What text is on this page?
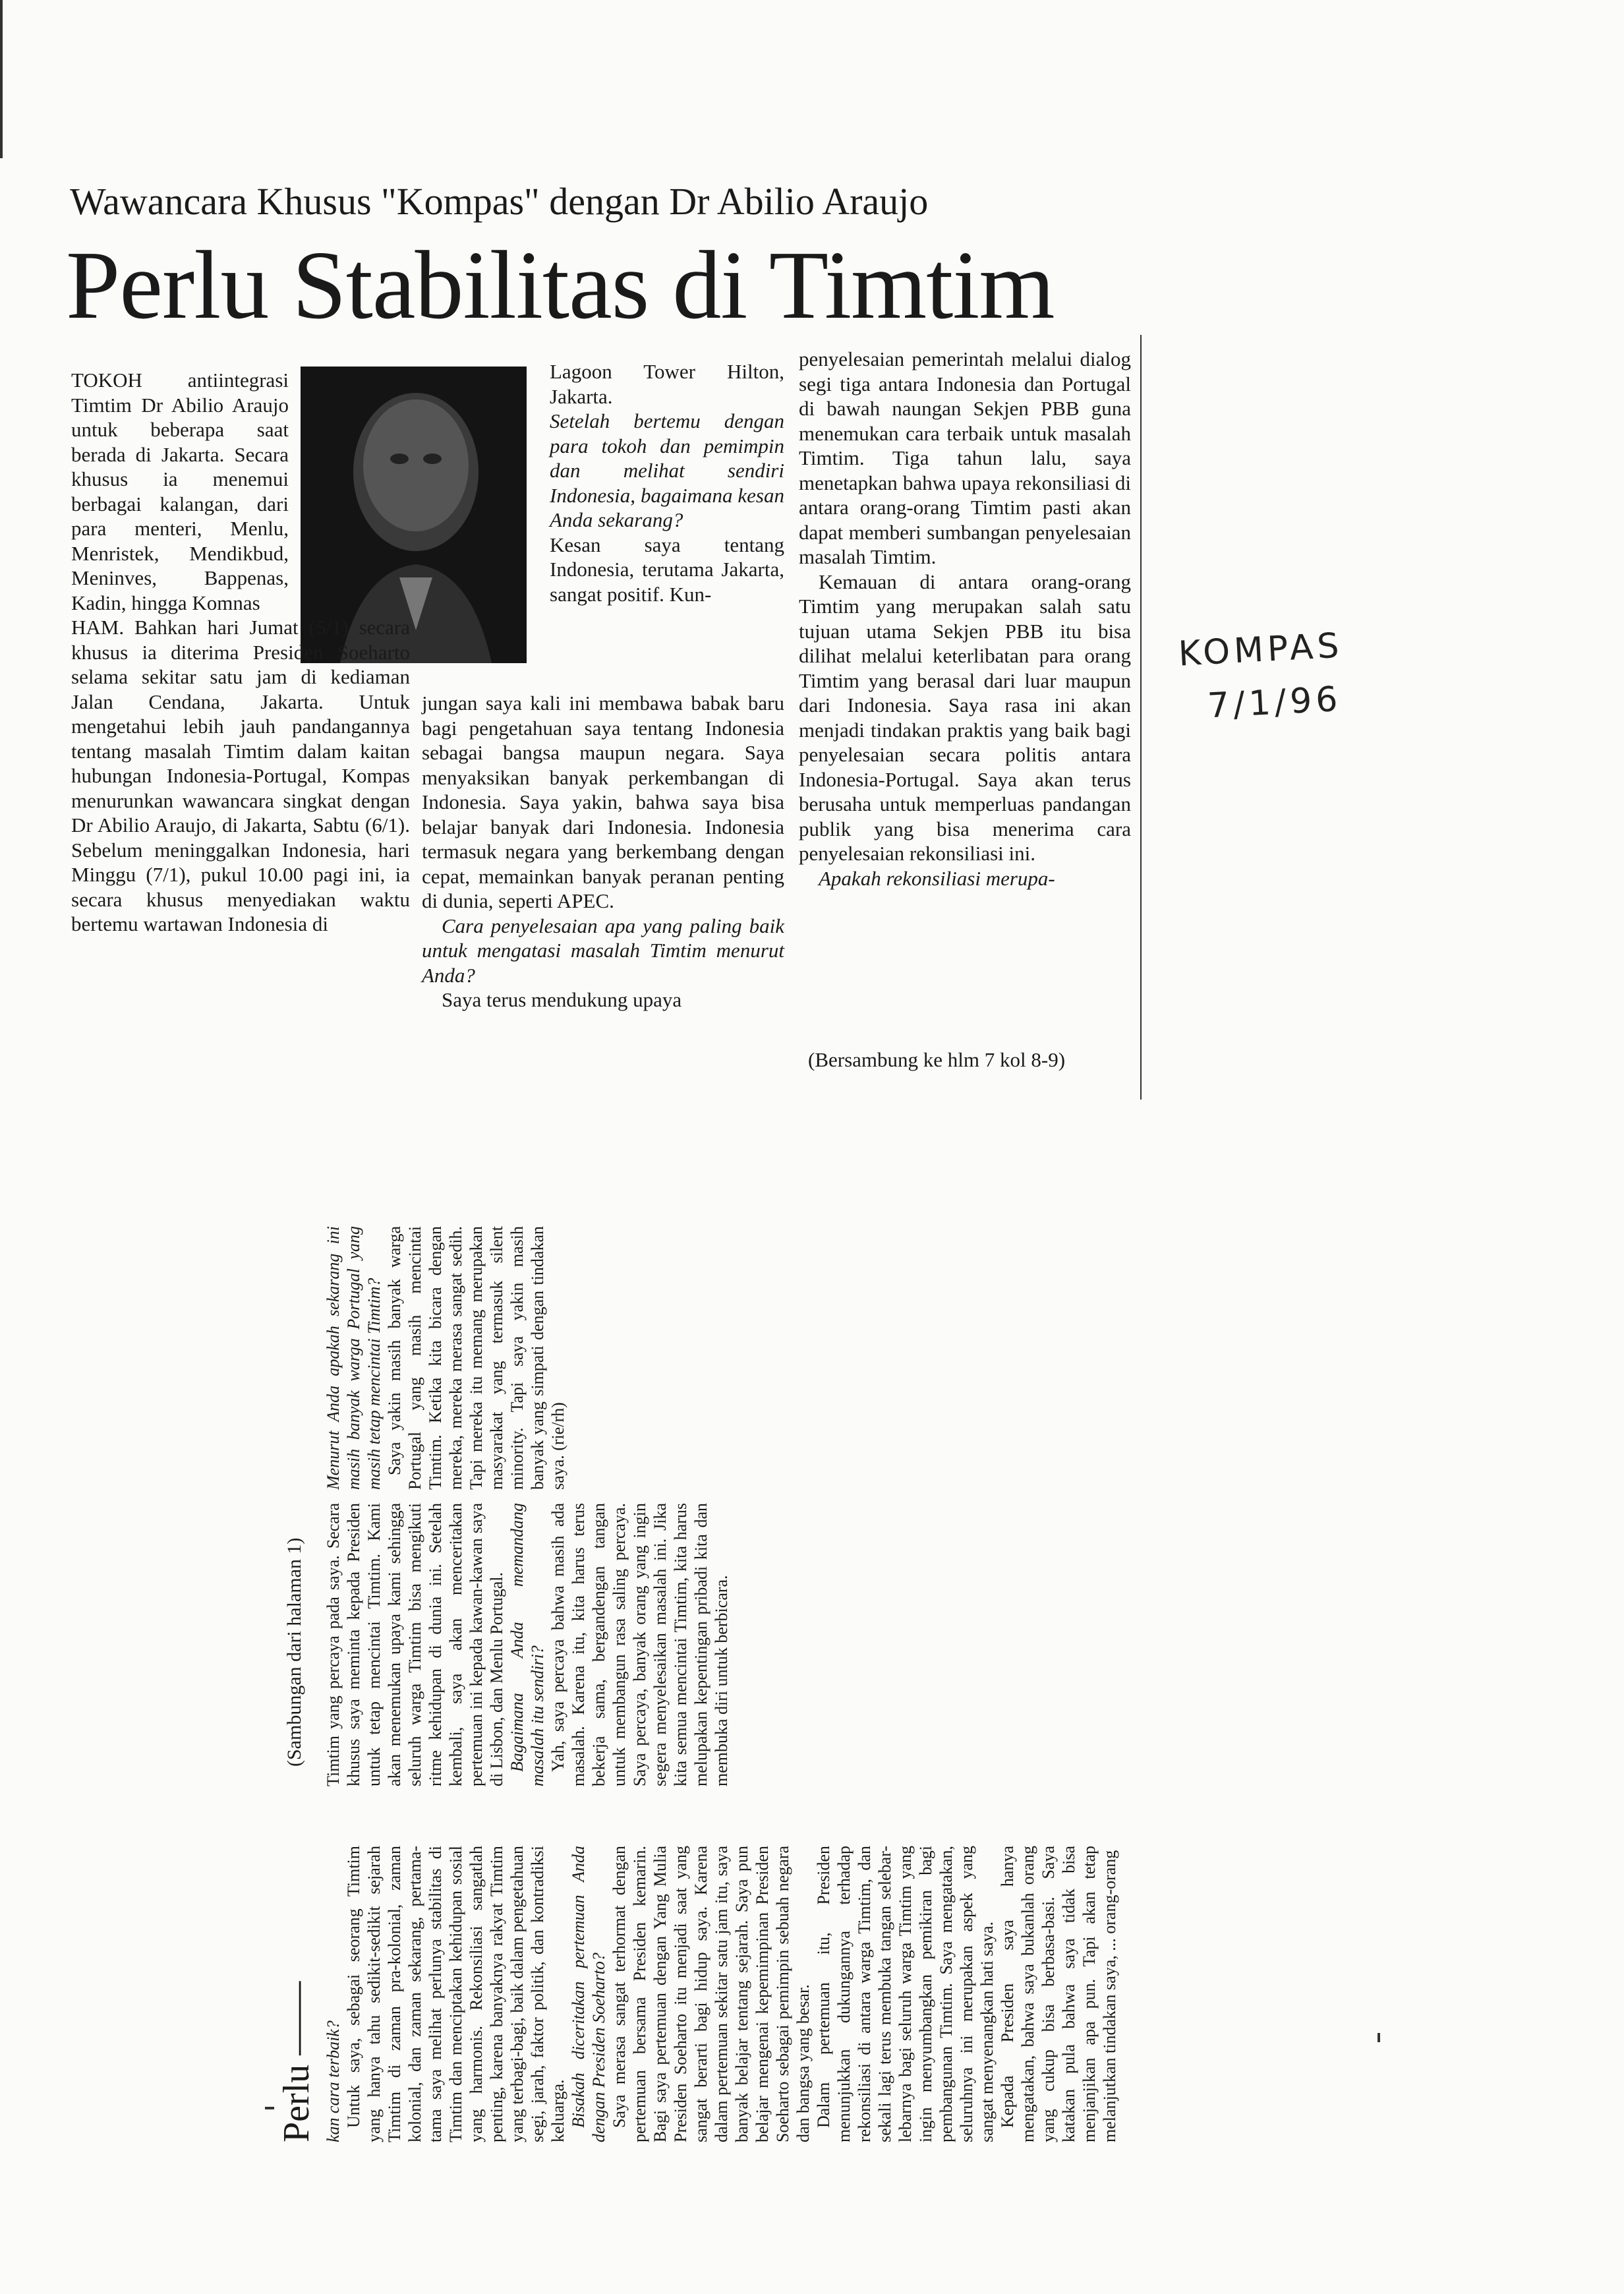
Wawancara Khusus "Kompas" dengan Dr Abilio Araujo
Perlu Stabilitas di Timtim

TOKOH antiintegrasi Timtim Dr Abilio Araujo untuk beberapa saat berada di Jakarta. Secara khusus ia menemui berbagai kalangan, dari para menteri, Menlu, Menristek, Mendikbud, Meninves, Bappenas, Kadin, hingga Komnas

HAM. Bahkan hari Jumat (5/1) secara khusus ia diterima Presiden Soeharto selama sekitar satu jam di kediaman Jalan Cendana, Jakarta. Untuk mengetahui lebih jauh pandangannya tentang masalah Timtim dalam kaitan hubungan Indonesia-Portugal, Kompas menurunkan wawancara singkat dengan Dr Abilio Araujo, di Jakarta, Sabtu (6/1). Sebelum meninggalkan Indonesia, hari Minggu (7/1), pukul 10.00 pagi ini, ia secara khusus menyediakan waktu bertemu wartawan Indonesia di

Lagoon Tower Hilton, Jakarta.

Setelah bertemu dengan para tokoh dan pemimpin dan melihat sendiri Indonesia, bagaimana kesan Anda sekarang?

Kesan saya tentang Indonesia, terutama Jakarta, sangat positif. Kun-

jungan saya kali ini membawa babak baru bagi pengetahuan saya tentang Indonesia sebagai bangsa maupun negara. Saya menyaksikan banyak perkembangan di Indonesia. Saya yakin, bahwa saya bisa belajar banyak dari Indonesia. Indonesia termasuk negara yang berkembang dengan cepat, memainkan banyak peranan penting di dunia, seperti APEC.

Cara penyelesaian apa yang paling baik untuk mengatasi masalah Timtim menurut Anda?

Saya terus mendukung upaya

penyelesaian pemerintah melalui dialog segi tiga antara Indonesia dan Portugal di bawah naungan Sekjen PBB guna menemukan cara terbaik untuk masalah Timtim. Tiga tahun lalu, saya menetapkan bahwa upaya rekonsiliasi di antara orang-orang Timtim pasti akan dapat memberi sumbangan penyelesaian masalah Timtim.

Kemauan di antara orang-orang Timtim yang merupakan salah satu tujuan utama Sekjen PBB itu bisa dilihat melalui keterlibatan para orang Timtim yang berasal dari luar maupun dari Indonesia. Saya rasa ini akan menjadi tindakan praktis yang baik bagi penyelesaian secara politis antara Indonesia-Portugal. Saya akan terus berusaha untuk memperluas pandangan publik yang bisa menerima cara penyelesaian rekonsiliasi ini.

Apakah rekonsiliasi merupa-

(Bersambung ke hlm 7 kol 8-9)
KOMPAS
7/1/96
Perlu ——
(Sambungan dari halaman 1)

kan cara terbaik? Untuk saya, sebagai seorang Timtim yang hanya tahu sedikit-sedikit sejarah Timtim di zaman pra-kolonial, zaman kolonial, dan zaman sekarang, pertama-tama saya melihat perlunya stabilitas di Timtim dan menciptakan kehidupan sosial yang harmonis. Rekonsiliasi sangatlah penting, karena banyaknya rakyat Timtim yang terbagi-bagi, baik dalam pengetahuan segi, jarah, faktor politik, dan kontradiksi keluarga. Bisakah diceritakan pertemuan Anda dengan Presiden Soeharto? Saya merasa sangat terhormat dengan pertemuan bersama Presiden kemarin. Bagi saya pertemuan dengan Yang Mulia Presiden Soeharto itu menjadi saat yang sangat berarti bagi hidup saya. Karena dalam pertemuan sekitar satu jam itu, saya banyak belajar tentang sejarah. Saya pun belajar mengenai kepemimpinan Presiden Soeharto sebagai pemimpin sebuah negara dan bangsa yang besar. Dalam pertemuan itu, Presiden menunjukkan dukungannya terhadap rekonsiliasi di antara warga Timtim, dan sekali lagi terus membuka tangan selebar-lebarnya bagi seluruh warga Timtim yang ingin menyumbangkan pemikiran bagi pembangunan Timtim. Saya mengatakan, seluruhnya ini merupakan aspek yang sangat menyenangkan hati saya. Kepada Presiden saya hanya mengatakan, bahwa saya bukanlah orang yang cukup bisa berbasa-basi. Saya katakan pula bahwa saya tidak bisa menjanjikan apa pun. Tapi akan tetap melanjutkan tindakan saya, ... orang-orang

Timtim yang percaya pada saya. Secara khusus saya meminta kepada Presiden untuk tetap mencintai Timtim. Kami akan menemukan upaya kami sehingga seluruh warga Timtim bisa mengikuti ritme kehidupan di dunia ini. Setelah kembali, saya akan menceritakan pertemuan ini kepada kawan-kawan saya di Lisbon, dan Menlu Portugal. Bagaimana Anda memandang masalah itu sendiri? Yah, saya percaya bahwa masih ada masalah. Karena itu, kita harus terus bekerja sama, bergandengan tangan untuk membangun rasa saling percaya. Saya percaya, banyak orang yang ingin segera menyelesaikan masalah ini. Jika kita semua mencintai Timtim, kita harus melupakan kepentingan pribadi kita dan membuka diri untuk berbicara.

Menurut Anda apakah sekarang ini masih banyak warga Portugal yang masih tetap mencintai Timtim? Saya yakin masih banyak warga Portugal yang masih mencintai Timtim. Ketika kita bicara dengan mereka, mereka merasa sangat sedih. Tapi mereka itu memang merupakan masyarakat yang termasuk silent minority. Tapi saya yakin masih banyak yang simpati dengan tindakan saya. (rie/rh)
